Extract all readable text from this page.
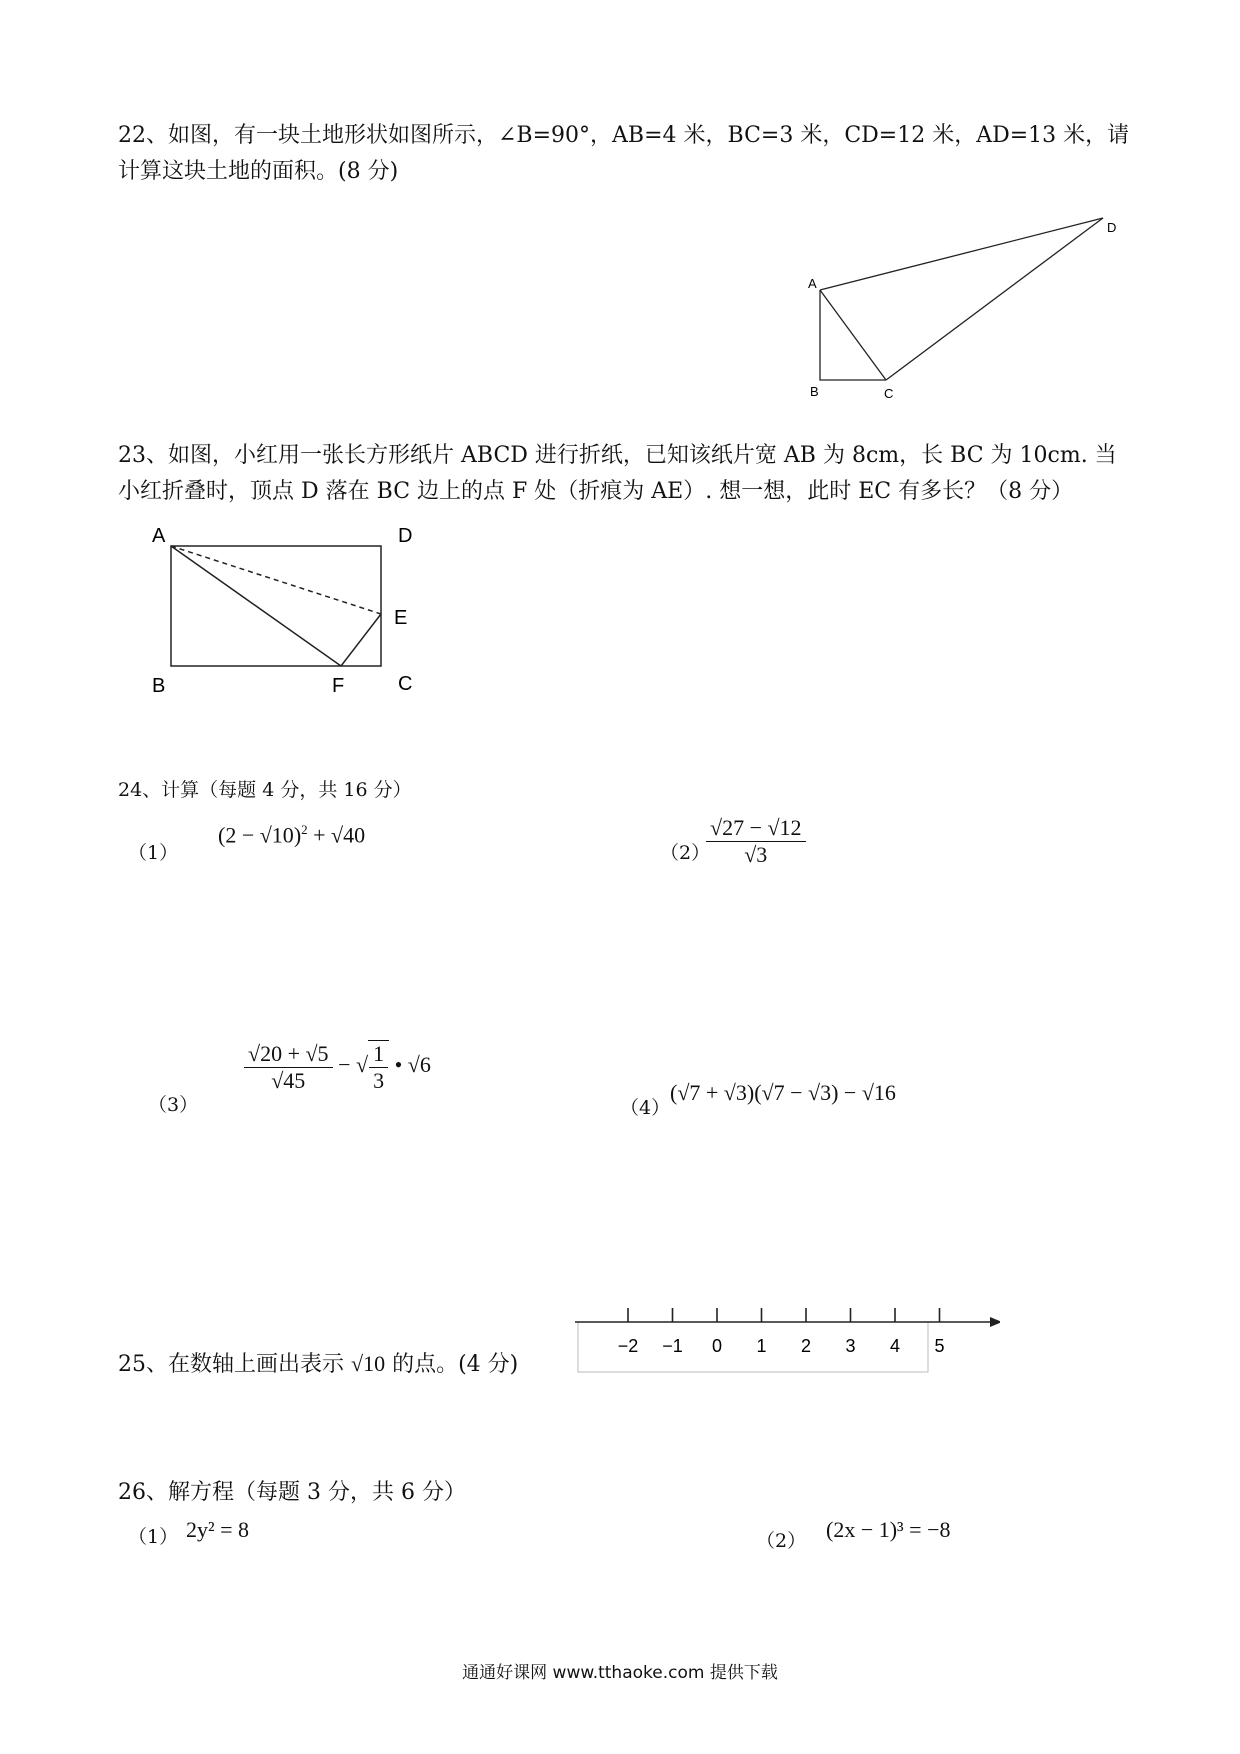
22、如图，有一块土地形状如图所示，∠B=90°，AB=4 米，BC=3 米，CD=12 米，AD=13 米，请
计算这块土地的面积。(8 分)
A
B	C
D
23、如图，小红用一张长方形纸片 ABCD 进行折纸，已知该纸片宽 AB 为 8cm，长 BC 为 10cm. 当
小红折叠时，顶点 D 落在 BC 边上的点 F 处（折痕为 AE）. 想一想，此时 EC 有多长？（8 分）
A
B
D
E
F	C
24、计算（每题 4 分，共 16 分）
（1）
$(2 - √10)^2 + √40$
（2）
$\frac{√27 - √12}{√3}$
（3）
$\frac{√20 + √5}{√45}$ − √ $\frac{1}{3}$ • √6
（4）
(√7 + √3)(√7 − √3) − √16
25、在数轴上画出表示 √10 的点。(4 分)
−2 −1 0 1 2 3 4 5
26、解方程（每题 3 分，共 6 分）
（1） 2y² = 8	（2） (2x − 1)³ = −8
通通好课网 www.tthaoke.com 提供下载
